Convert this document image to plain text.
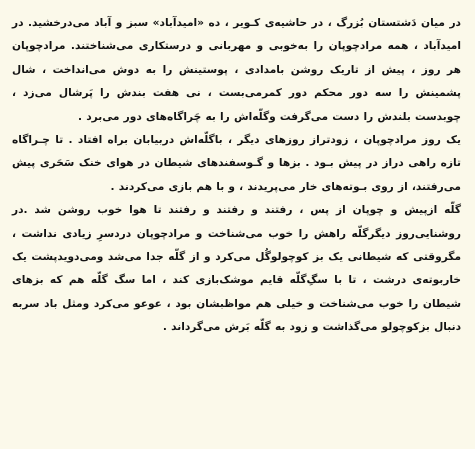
در میان دَشتستان بُزرگ ، در حاشیه‌ی کـویر ، ده «امیدآباد» سبز و آباد می‌درخشید. در امیدآباد ، همه مرادچوپان را به‌خوبی و مهربانی و درستکاری می‌شناختند. مرادچوپان هر روز ، پیش از تاریک روشن بامدادی ، پوستینش را به دوش می‌انداخت ، شال پشمینش را سه دور محکم دور کمرمی‌بست ، نی هفت بندش را پَرشال می‌زد ، چوبدست بلندش را دست می‌گرفت وگلّه‌اش را به چَراگاه‌های دور می‌برد .

یک روز مرادچوپان ، زودتراز روزهای دیگر ، باگلّه‌اش دربیابان براه افتاد . تا چـراگاه تازه راهی دراز در پیش بـود . بزها و گـوسفندهای شیطان در هوای خنک سَحَری پیش می‌رفتند، از روی بـوته‌های خار می‌پریدند ، و با هم بازی می‌کردند .

گلّه ازپیش و چوپان از پس ، رفتند و رفتند و رفتند تا هوا خوب روشن شد .در روشنایی‌روز دیگرگلّه راهش را خوب می‌شناخت و مرادچوپان دردسرِ زیادی نداشت ، مگروقتی که شیطانی یک بز کوچولوگُل می‌کرد و از گلّه جدا می‌شد ومی‌دویدپشت یک خاربوته‌ی درشت ، تا با سگِ‌گلّه قایم موشک‌بازی کند ، اما سگ گلّه هم که بزهای شیطان را خوب می‌شناخت و خیلی هم مواظبشان بود ، عوعو می‌کرد ومثل باد سربه دنبال بزکوچولو می‌گذاشت و زود به گلّه بَرش می‌گرداند .
